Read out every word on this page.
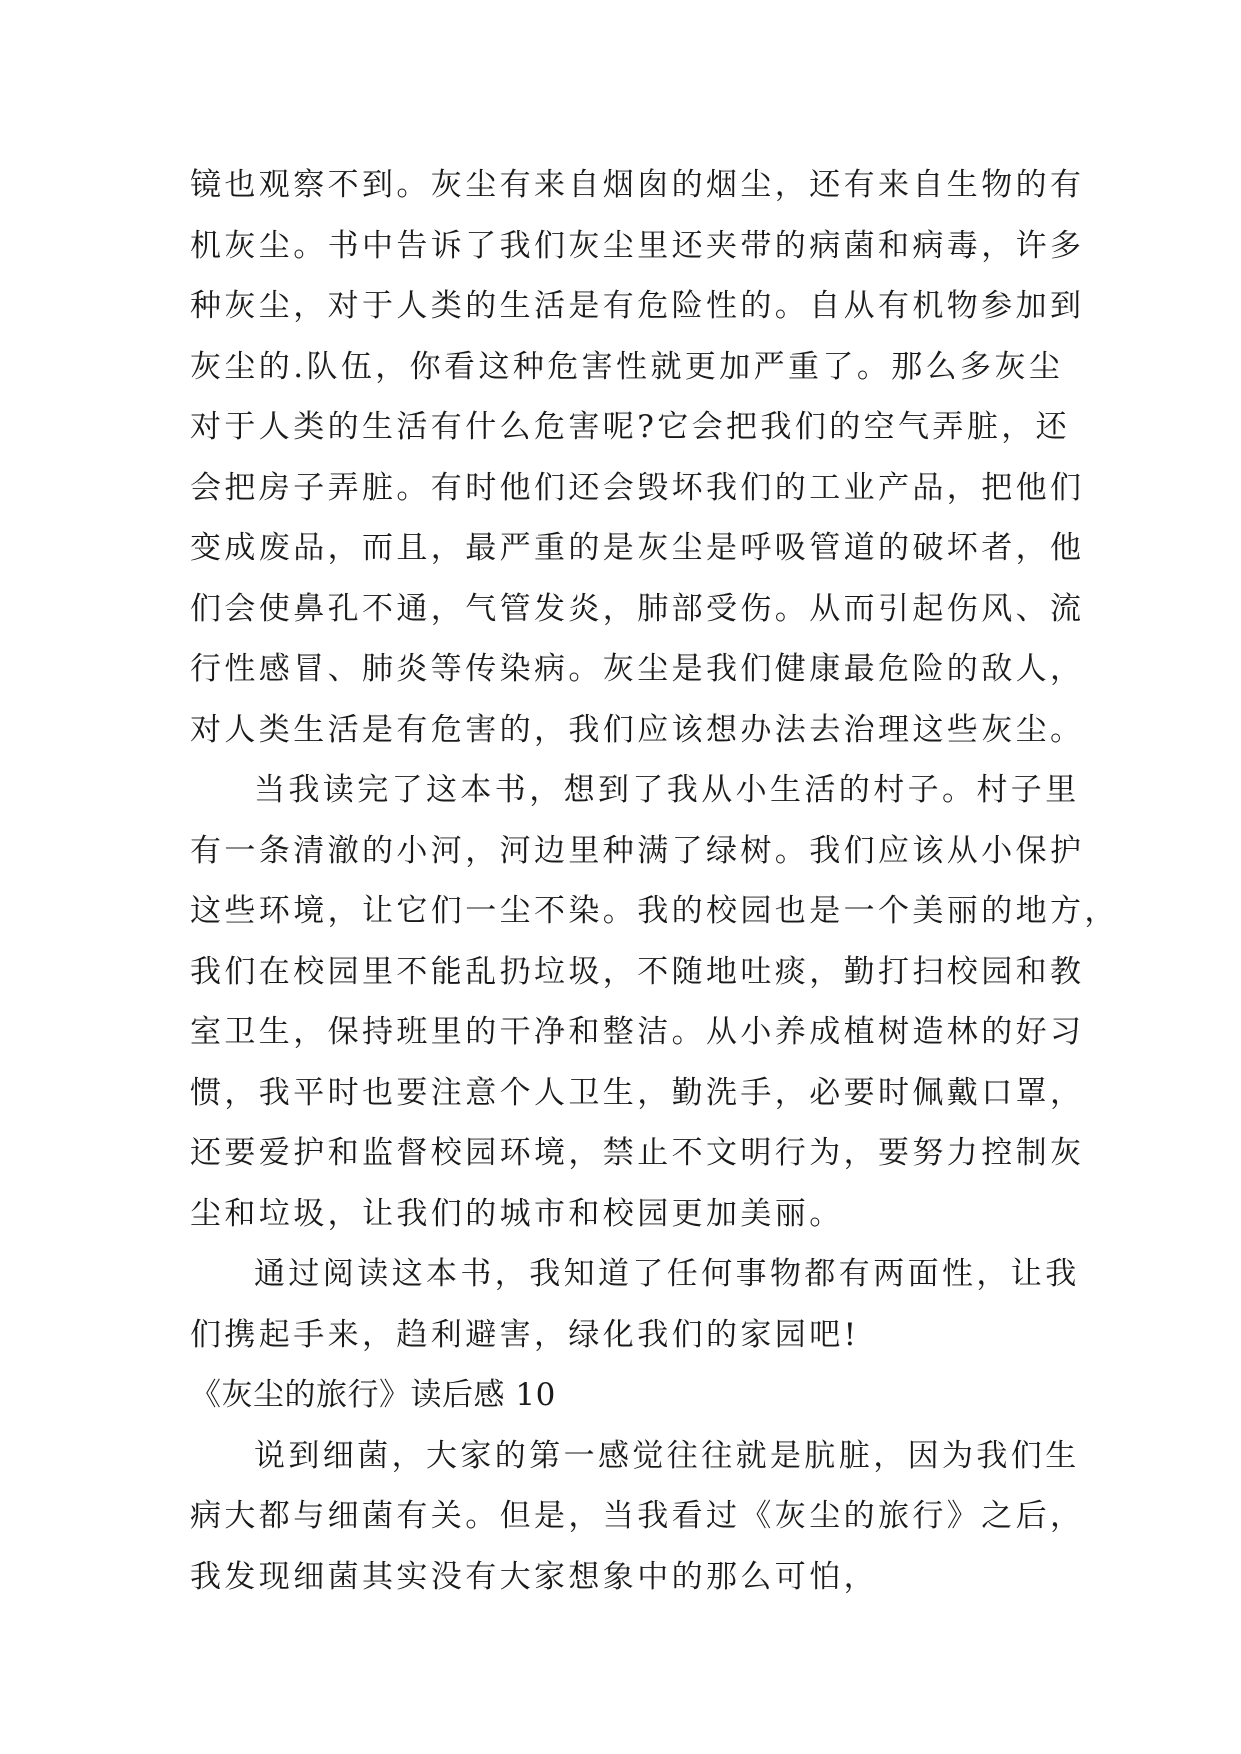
镜也观察不到。灰尘有来自烟囱的烟尘，还有来自生物的有
机灰尘。书中告诉了我们灰尘里还夹带的病菌和病毒，许多
种灰尘，对于人类的生活是有危险性的。自从有机物参加到
灰尘的.队伍，你看这种危害性就更加严重了。那么多灰尘
对于人类的生活有什么危害呢?它会把我们的空气弄脏，还
会把房子弄脏。有时他们还会毁坏我们的工业产品，把他们
变成废品，而且，最严重的是灰尘是呼吸管道的破坏者，他
们会使鼻孔不通，气管发炎，肺部受伤。从而引起伤风、流
行性感冒、肺炎等传染病。灰尘是我们健康最危险的敌人，
对人类生活是有危害的，我们应该想办法去治理这些灰尘。
当我读完了这本书，想到了我从小生活的村子。村子里
有一条清澈的小河，河边里种满了绿树。我们应该从小保护
这些环境，让它们一尘不染。我的校园也是一个美丽的地方，
我们在校园里不能乱扔垃圾，不随地吐痰，勤打扫校园和教
室卫生，保持班里的干净和整洁。从小养成植树造林的好习
惯，我平时也要注意个人卫生，勤洗手，必要时佩戴口罩，
还要爱护和监督校园环境，禁止不文明行为，要努力控制灰
尘和垃圾，让我们的城市和校园更加美丽。
通过阅读这本书，我知道了任何事物都有两面性，让我
们携起手来，趋利避害，绿化我们的家园吧!
《灰尘的旅行》读后感 10
说到细菌，大家的第一感觉往往就是肮脏，因为我们生
病大都与细菌有关。但是，当我看过《灰尘的旅行》之后，
我发现细菌其实没有大家想象中的那么可怕，
